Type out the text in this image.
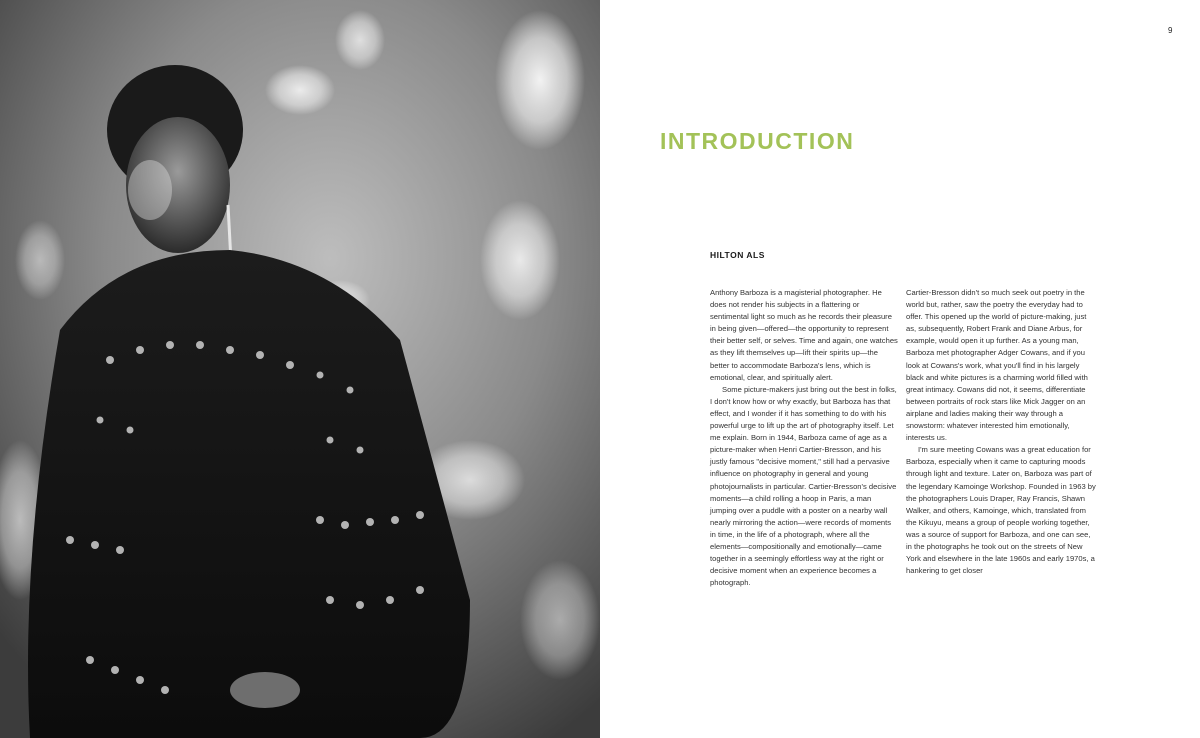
9
INTRODUCTION
HILTON ALS

Anthony Barboza is a magisterial photographer. He does not render his subjects in a flattering or sentimental light so much as he records their pleasure in being given—offered—the opportunity to represent their better self, or selves. Time and again, one watches as they lift themselves up—lift their spirits up—the better to accommodate Barboza's lens, which is emotional, clear, and spiritually alert.

Some picture-makers just bring out the best in folks, I don't know how or why exactly, but Barboza has that effect, and I wonder if it has something to do with his powerful urge to lift up the art of photography itself. Let me explain. Born in 1944, Barboza came of age as a picture-maker when Henri Cartier-Bresson, and his justly famous "decisive moment," still had a pervasive influence on photography in general and young photojournalists in particular. Cartier-Bresson's decisive moments—a child rolling a hoop in Paris, a man jumping over a puddle with a poster on a nearby wall nearly mirroring the action—were records of moments in time, in the life of a photograph, where all the elements—compositionally and emotionally—came together in a seemingly effortless way at the right or decisive moment when an experience becomes a photograph.

Cartier-Bresson didn't so much seek out poetry in the world but, rather, saw the poetry the everyday had to offer. This opened up the world of picture-making, just as, subsequently, Robert Frank and Diane Arbus, for example, would open it up further. As a young man, Barboza met photographer Adger Cowans, and if you look at Cowans's work, what you'll find in his largely black and white pictures is a charming world filled with great intimacy. Cowans did not, it seems, differentiate between portraits of rock stars like Mick Jagger on an airplane and ladies making their way through a snowstorm: whatever interested him emotionally, interests us.

I'm sure meeting Cowans was a great education for Barboza, especially when it came to capturing moods through light and texture. Later on, Barboza was part of the legendary Kamoinge Workshop. Founded in 1963 by the photographers Louis Draper, Ray Francis, Shawn Walker, and others, Kamoinge, which, translated from the Kikuyu, means a group of people working together, was a source of support for Barboza, and one can see, in the photographs he took out on the streets of New York and elsewhere in the late 1960s and early 1970s, a hankering to get closer
